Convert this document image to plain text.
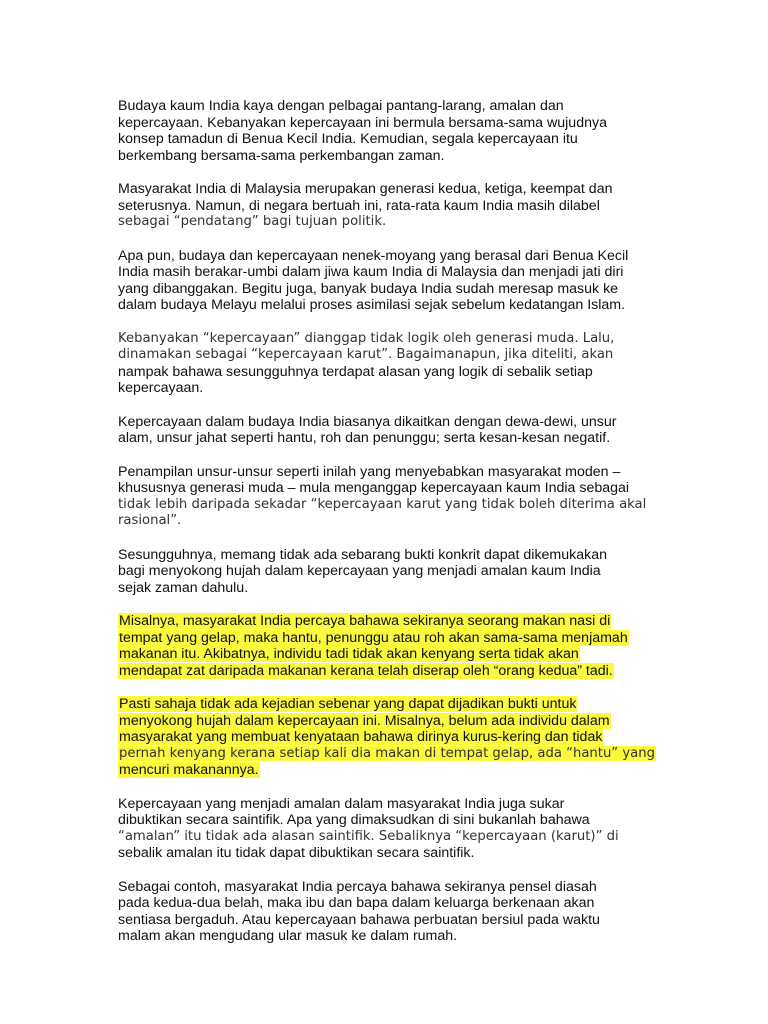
Budaya kaum India kaya dengan pelbagai pantang-larang, amalan dan
kepercayaan. Kebanyakan kepercayaan ini bermula bersama-sama wujudnya
konsep tamadun di Benua Kecil India. Kemudian, segala kepercayaan itu
berkembang bersama-sama perkembangan zaman.

Masyarakat India di Malaysia merupakan generasi kedua, ketiga, keempat dan
seterusnya. Namun, di negara bertuah ini, rata-rata kaum India masih dilabel
sebagai “pendatang” bagi tujuan politik.

Apa pun, budaya dan kepercayaan nenek-moyang yang berasal dari Benua Kecil
India masih berakar-umbi dalam jiwa kaum India di Malaysia dan menjadi jati diri
yang dibanggakan. Begitu juga, banyak budaya India sudah meresap masuk ke
dalam budaya Melayu melalui proses asimilasi sejak sebelum kedatangan Islam.

Kebanyakan “kepercayaan” dianggap tidak logik oleh generasi muda. Lalu,
dinamakan sebagai “kepercayaan karut”. Bagaimanapun, jika diteliti, akan
nampak bahawa sesungguhnya terdapat alasan yang logik di sebalik setiap
kepercayaan.

Kepercayaan dalam budaya India biasanya dikaitkan dengan dewa-dewi, unsur
alam, unsur jahat seperti hantu, roh dan penunggu; serta kesan-kesan negatif.

Penampilan unsur-unsur seperti inilah yang menyebabkan masyarakat moden –
khususnya generasi muda – mula menganggap kepercayaan kaum India sebagai
tidak lebih daripada sekadar “kepercayaan karut yang tidak boleh diterima akal
rasional”.

Sesungguhnya, memang tidak ada sebarang bukti konkrit dapat dikemukakan
bagi menyokong hujah dalam kepercayaan yang menjadi amalan kaum India
sejak zaman dahulu.

Misalnya, masyarakat India percaya bahawa sekiranya seorang makan nasi di
tempat yang gelap, maka hantu, penunggu atau roh akan sama-sama menjamah
makanan itu. Akibatnya, individu tadi tidak akan kenyang serta tidak akan
mendapat zat daripada makanan kerana telah diserap oleh “orang kedua” tadi.

Pasti sahaja tidak ada kejadian sebenar yang dapat dijadikan bukti untuk
menyokong hujah dalam kepercayaan ini. Misalnya, belum ada individu dalam
masyarakat yang membuat kenyataan bahawa dirinya kurus-kering dan tidak
pernah kenyang kerana setiap kali dia makan di tempat gelap, ada “hantu” yang
mencuri makanannya.

Kepercayaan yang menjadi amalan dalam masyarakat India juga sukar
dibuktikan secara saintifik. Apa yang dimaksudkan di sini bukanlah bahawa
“amalan” itu tidak ada alasan saintifik. Sebaliknya “kepercayaan (karut)” di
sebalik amalan itu tidak dapat dibuktikan secara saintifik.

Sebagai contoh, masyarakat India percaya bahawa sekiranya pensel diasah
pada kedua-dua belah, maka ibu dan bapa dalam keluarga berkenaan akan
sentiasa bergaduh. Atau kepercayaan bahawa perbuatan bersiul pada waktu
malam akan mengudang ular masuk ke dalam rumah.
